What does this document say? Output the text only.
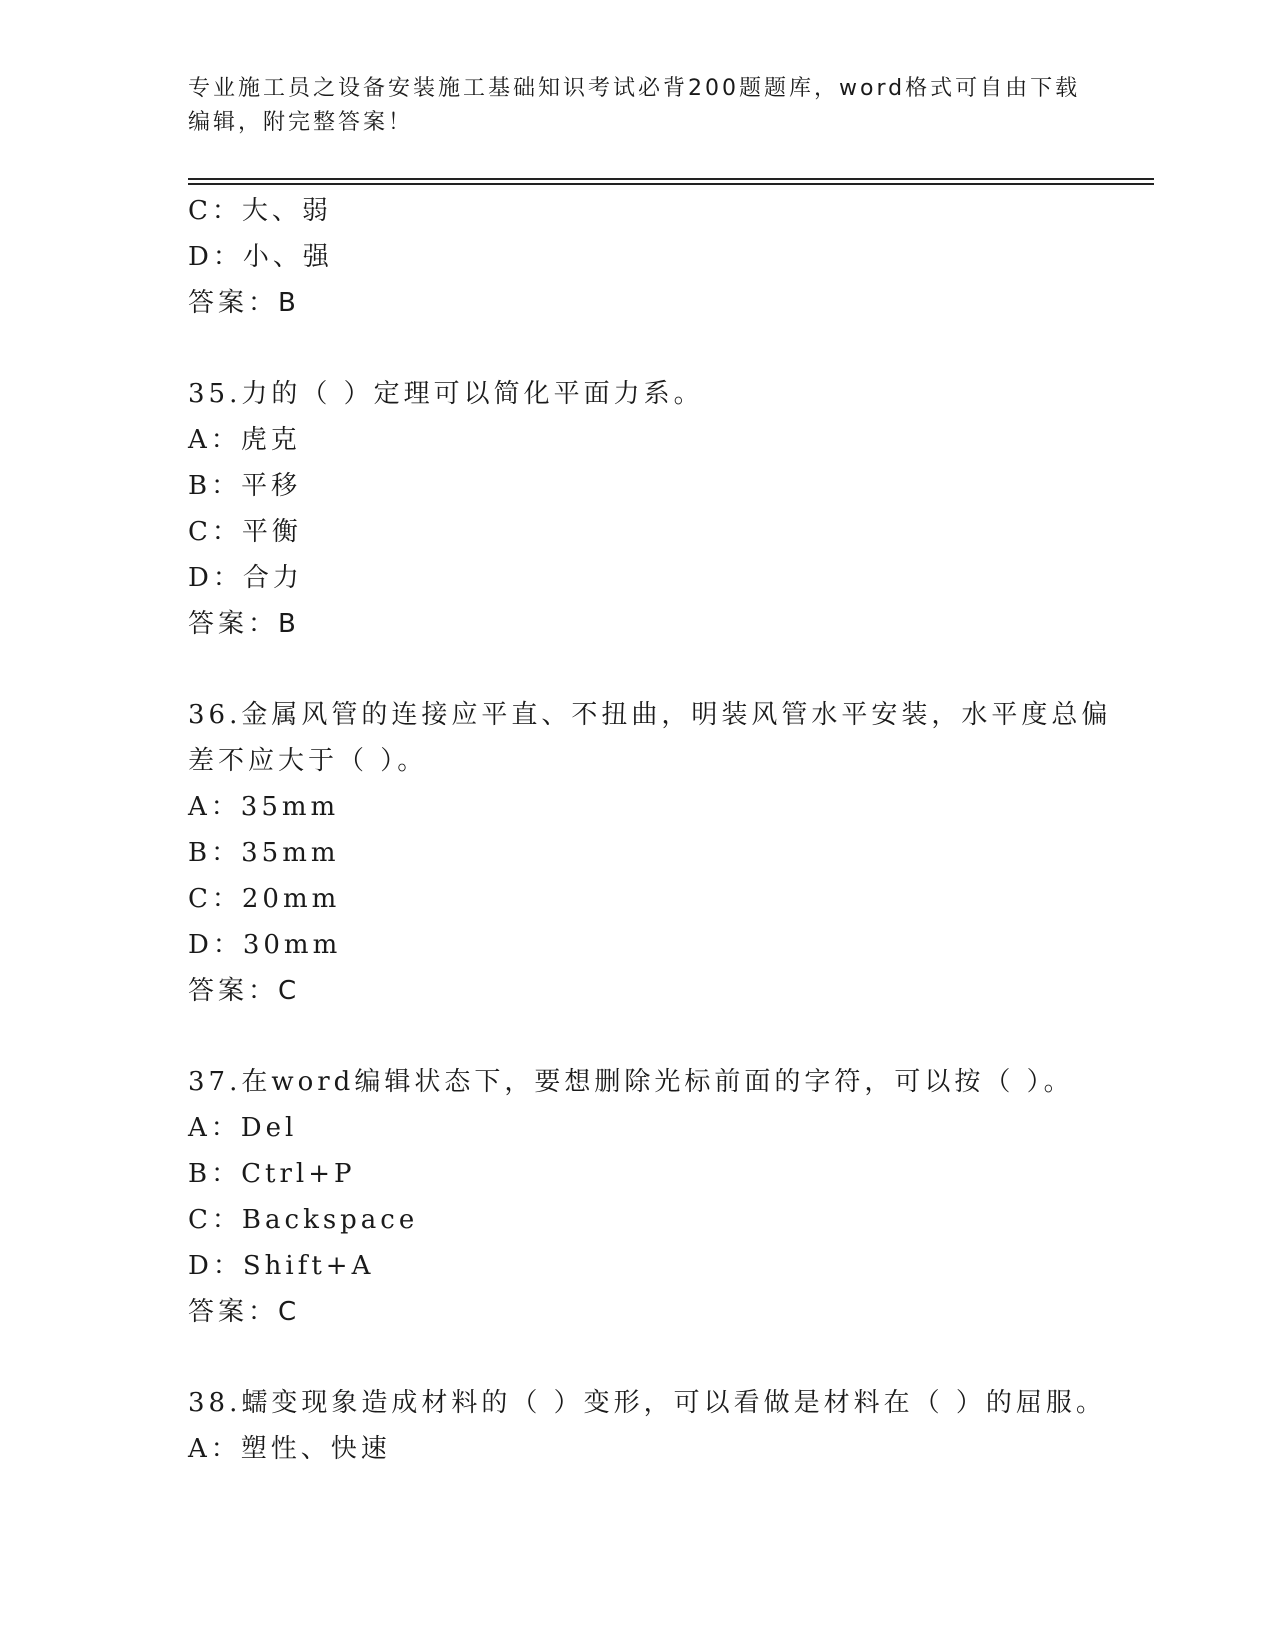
专业施工员之设备安装施工基础知识考试必背200题题库，word格式可自由下载
编辑，附完整答案！
C：大、弱
D：小、强
答案：B
35.力的（ ）定理可以简化平面力系。
A：虎克
B：平移
C：平衡
D：合力
答案：B
36.金属风管的连接应平直、不扭曲，明装风管水平安装，水平度总偏
差不应大于（ ）。
A：35mm
B：35mm
C：20mm
D：30mm
答案：C
37.在word编辑状态下，要想删除光标前面的字符，可以按（ ）。
A：Del
B：Ctrl+P
C：Backspace
D：Shift+A
答案：C
38.蠕变现象造成材料的（ ）变形，可以看做是材料在（ ）的屈服。
A：塑性、快速
